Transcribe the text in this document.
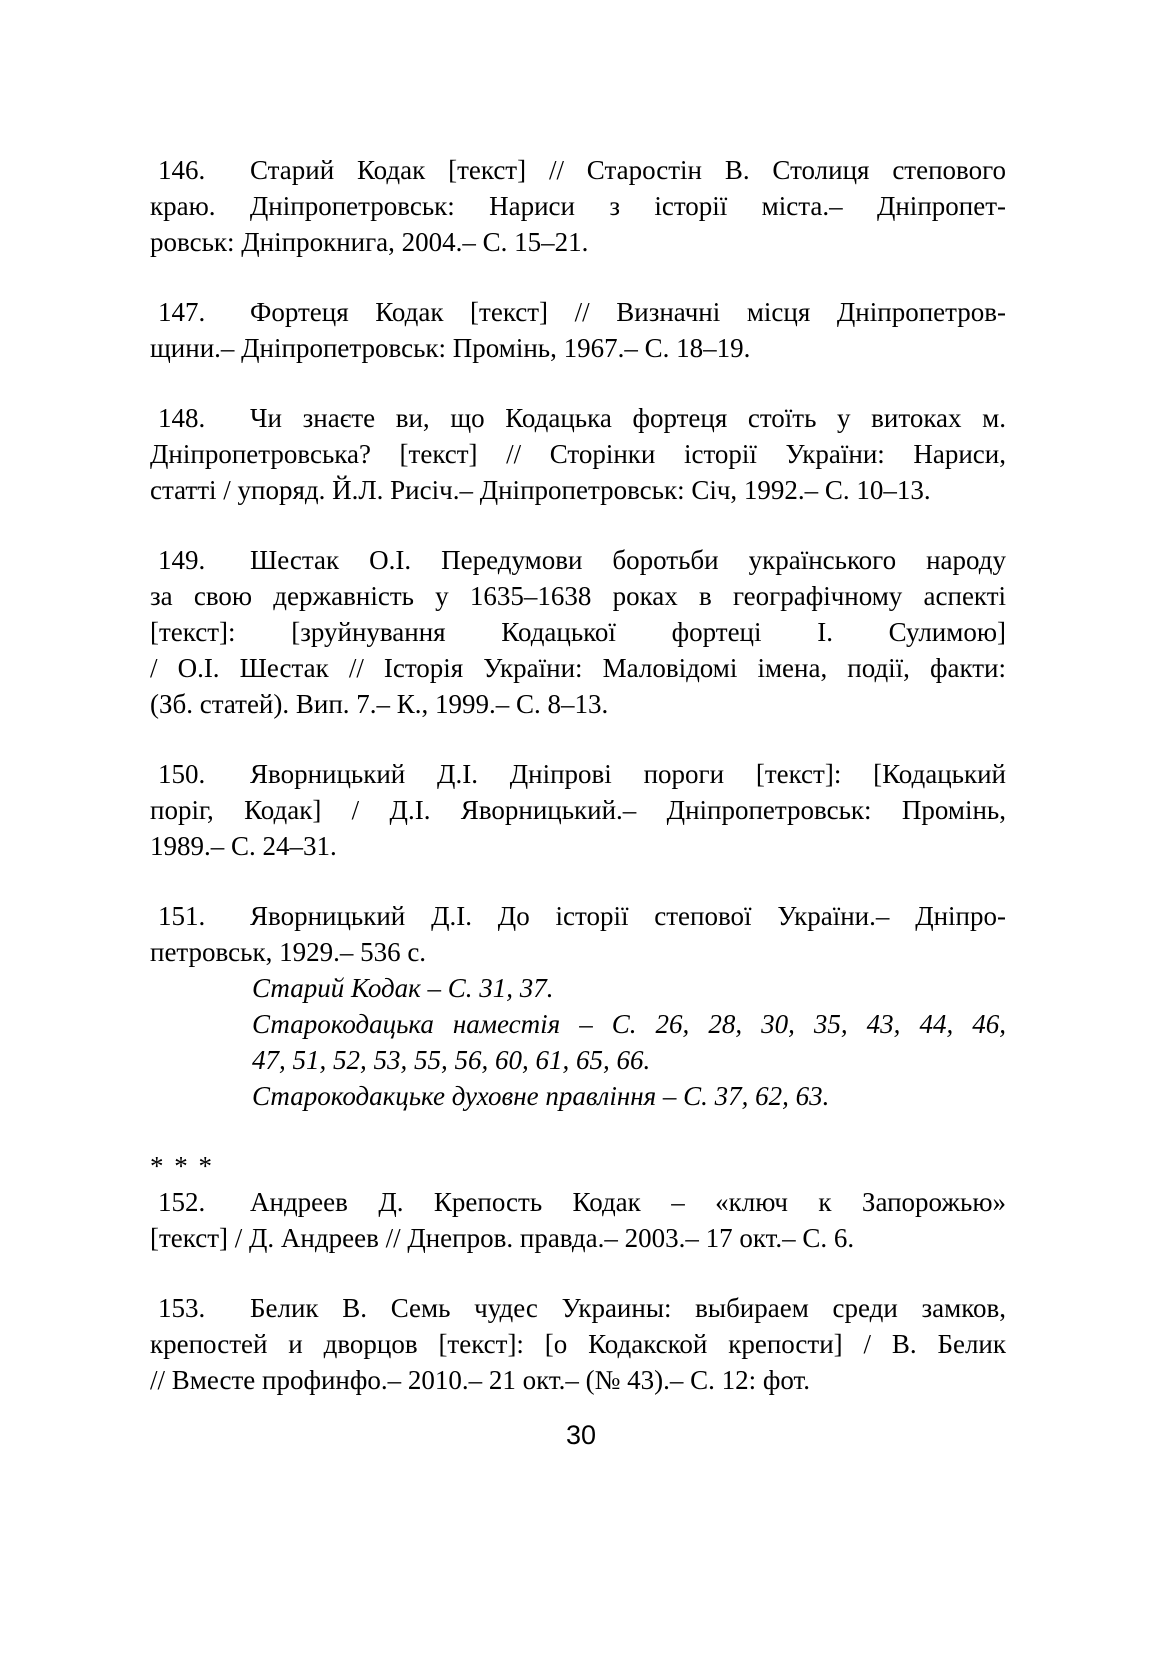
146. Старий Кодак [текст] // Старостін В. Столиця степового
краю. Дніпропетровськ: Нариси з історії міста.– Дніпропет-
ровськ: Дніпрокнига, 2004.– С. 15–21.
147. Фортеця Кодак [текст] // Визначні місця Дніпропетров-
щини.– Дніпропетровськ: Промінь, 1967.– С. 18–19.
148. Чи знаєте ви, що Кодацька фортеця стоїть у витоках м.
Дніпропетровська? [текст] // Сторінки історії України: Нариси,
статті / упоряд. Й.Л. Рисіч.– Дніпропетровськ: Січ, 1992.– С. 10–13.
149. Шестак О.І. Передумови боротьби українського народу
за свою державність у 1635–1638 роках в географічному аспекті
[текст]: [зруйнування Кодацької фортеці І. Сулимою]
/ О.І. Шестак // Історія України: Маловідомі імена, події, факти:
(Зб. статей). Вип. 7.– К., 1999.– С. 8–13.
150. Яворницький Д.І. Дніпрові пороги [текст]: [Кодацький
поріг, Кодак] / Д.І. Яворницький.– Дніпропетровськ: Промінь,
1989.– С. 24–31.
151. Яворницький Д.І. До історії степової України.– Дніпро-
петровськ, 1929.– 536 с.
Старий Кодак – С. 31, 37.
Старокодацька наместія – С. 26, 28, 30, 35, 43, 44, 46,
47, 51, 52, 53, 55, 56, 60, 61, 65, 66.
Старокодакцьке духовне правління – С. 37, 62, 63.
* * *
152. Андреев Д. Крепость Кодак – «ключ к Запорожью»
[текст] / Д. Андреев // Днепров. правда.– 2003.– 17 окт.– С. 6.
153. Белик В. Семь чудес Украины: выбираем среди замков,
крепостей и дворцов [текст]: [о Кодакской крепости] / В. Белик
// Вместе профинфо.– 2010.– 21 окт.– (№ 43).– С. 12: фот.
30
